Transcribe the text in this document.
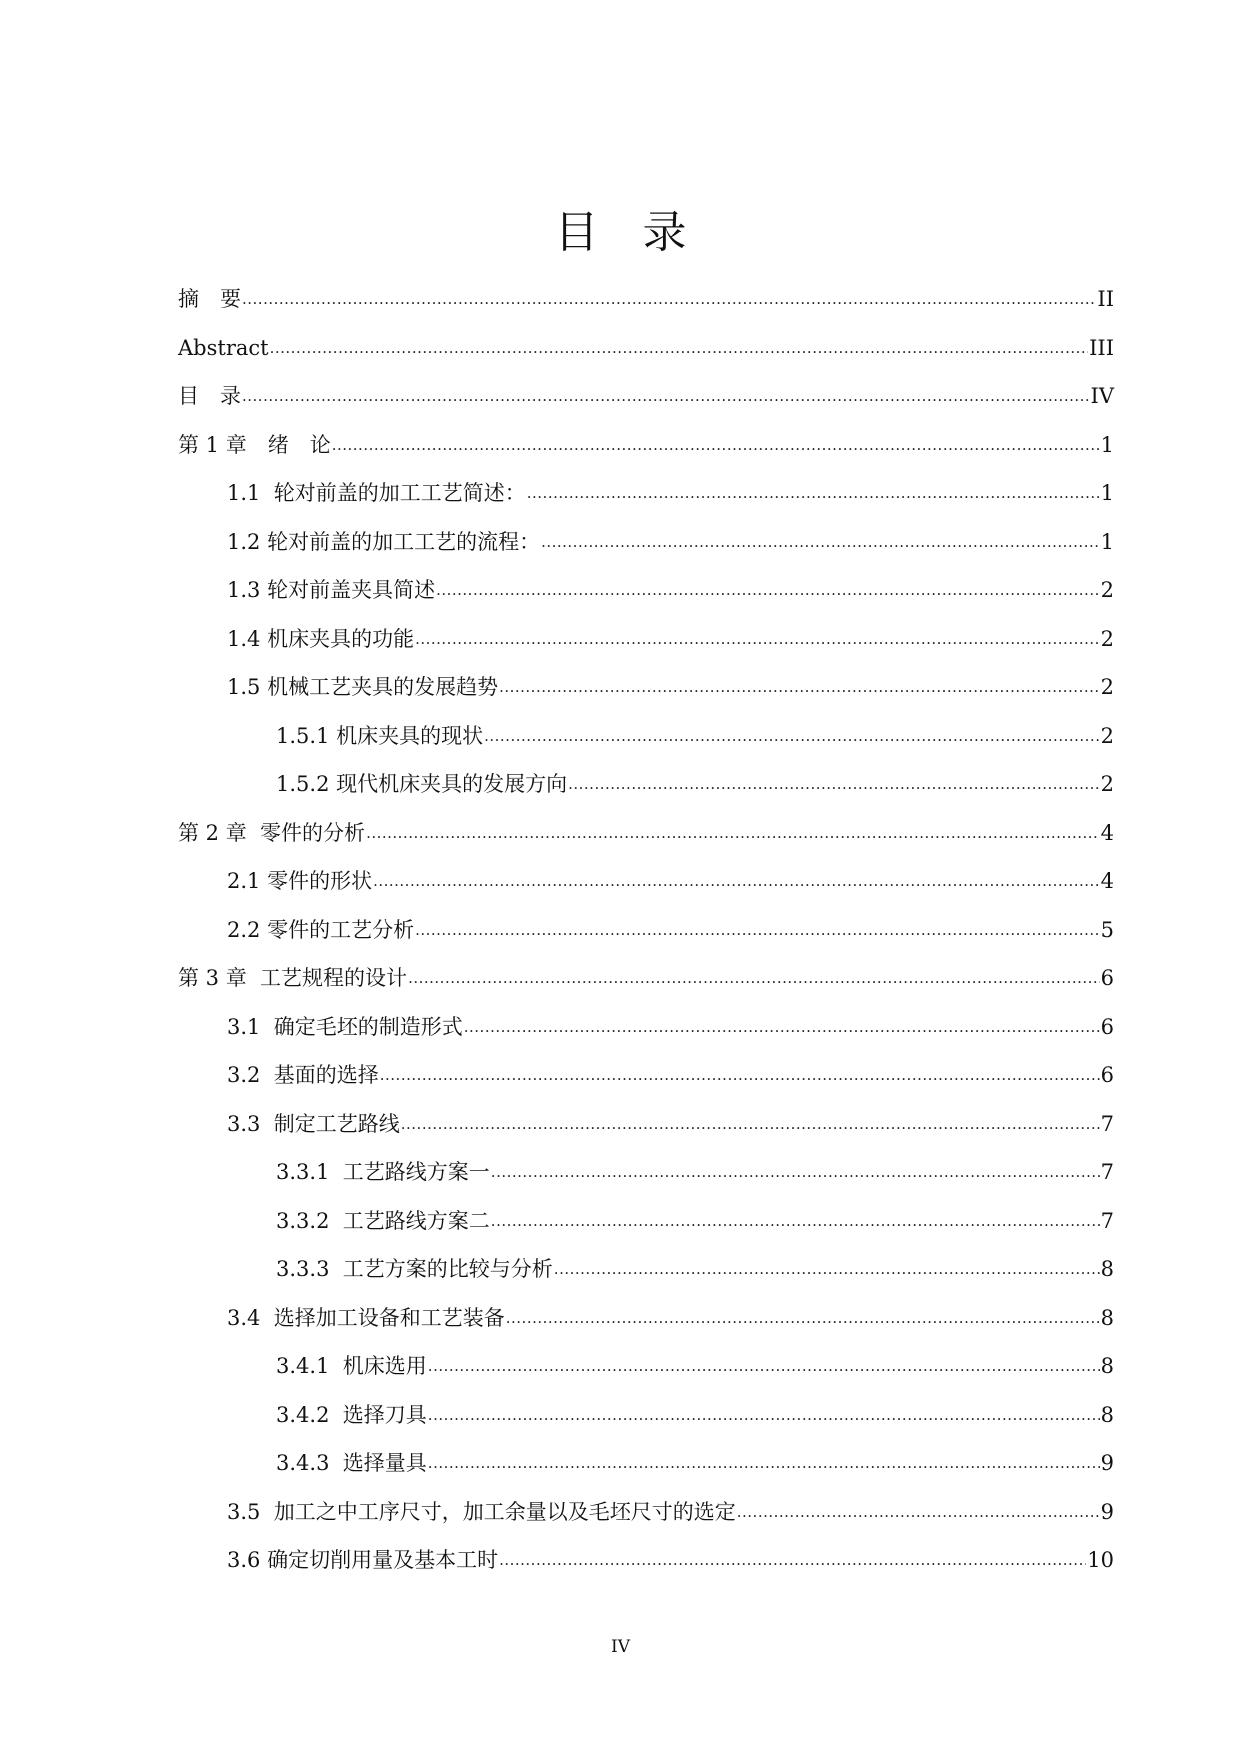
目录
摘　要 .....	II
Abstract .....	III
目　录 .....	IV
第 1 章　绪　论 .....	1
1.1  轮对前盖的加工工艺简述： .....	1
1.2 轮对前盖的加工工艺的流程： .....	1
1.3 轮对前盖夹具简述 .....	2
1.4 机床夹具的功能 .....	2
1.5 机械工艺夹具的发展趋势 .....	2
1.5.1 机床夹具的现状 .....	2
1.5.2 现代机床夹具的发展方向 .....	2
第 2 章  零件的分析 .....	4
2.1 零件的形状 .....	4
2.2 零件的工艺分析 .....	5
第 3 章  工艺规程的设计 .....	6
3.1  确定毛坯的制造形式 .....	6
3.2  基面的选择 .....	6
3.3  制定工艺路线 .....	7
3.3.1  工艺路线方案一 .....	7
3.3.2  工艺路线方案二 .....	7
3.3.3  工艺方案的比较与分析 .....	8
3.4  选择加工设备和工艺装备 .....	8
3.4.1  机床选用 .....	8
3.4.2  选择刀具 .....	8
3.4.3  选择量具 .....	9
3.5  加工之中工序尺寸，加工余量以及毛坯尺寸的选定 .....	9
3.6 确定切削用量及基本工时 .....	10
IV
